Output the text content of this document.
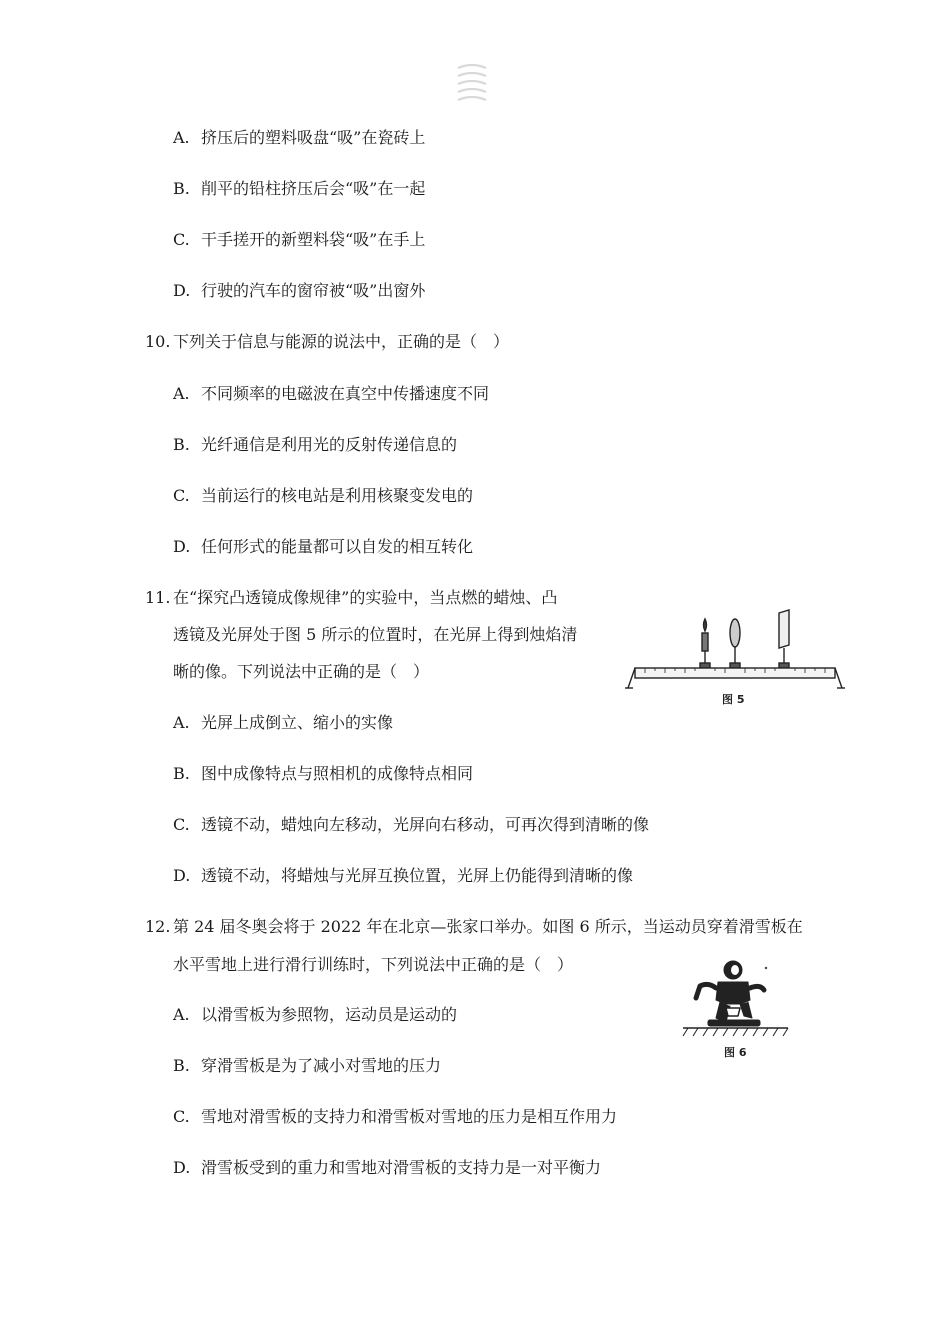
A. 挤压后的塑料吸盘“吸”在瓷砖上
B. 削平的铅柱挤压后会“吸”在一起
C. 干手搓开的新塑料袋“吸”在手上
D. 行驶的汽车的窗帘被“吸”出窗外
10. 下列关于信息与能源的说法中，正确的是（　）
A. 不同频率的电磁波在真空中传播速度不同
B. 光纤通信是利用光的反射传递信息的
C. 当前运行的核电站是利用核聚变发电的
D. 任何形式的能量都可以自发的相互转化
11. 在“探究凸透镜成像规律”的实验中，当点燃的蜡烛、凸
透镜及光屏处于图 5 所示的位置时，在光屏上得到烛焰清
晰的像。下列说法中正确的是（　）
图 5
A. 光屏上成倒立、缩小的实像
B. 图中成像特点与照相机的成像特点相同
C. 透镜不动，蜡烛向左移动，光屏向右移动，可再次得到清晰的像
D. 透镜不动，将蜡烛与光屏互换位置，光屏上仍能得到清晰的像
12. 第 24 届冬奥会将于 2022 年在北京—张家口举办。如图 6 所示，当运动员穿着滑雪板在
水平雪地上进行滑行训练时，下列说法中正确的是（　）
图 6
A. 以滑雪板为参照物，运动员是运动的
B. 穿滑雪板是为了减小对雪地的压力
C. 雪地对滑雪板的支持力和滑雪板对雪地的压力是相互作用力
D. 滑雪板受到的重力和雪地对滑雪板的支持力是一对平衡力
